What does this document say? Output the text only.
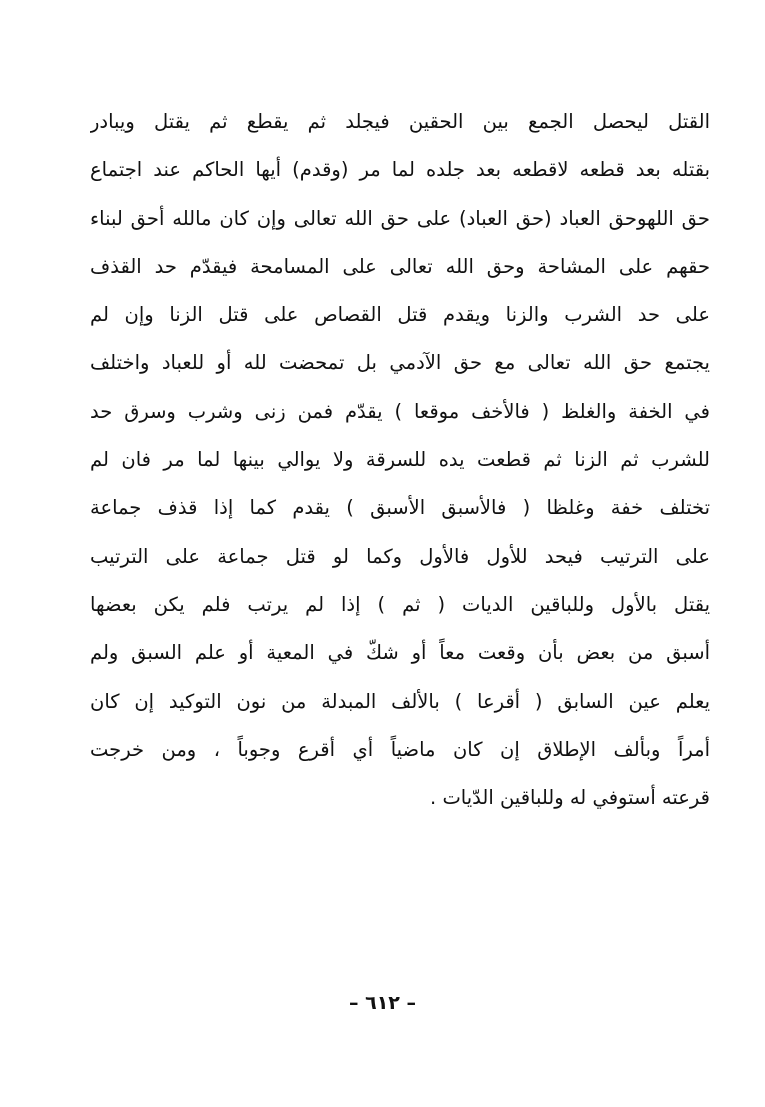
القتل ليحصل الجمع بين الحقين فيجلد ثم يقطع ثم يقتل ويبادر
بقتله بعد قطعه لاقطعه بعد جلده لما مر (وقدم) أيها الحاكم عند اجتماع
حق اللهوحق العباد (حق العباد) على حق الله تعالى وإن كان مالله أحق لبناء
حقهم على المشاحة وحق الله تعالى على المسامحة فيقدّم حد القذف
على حد الشرب والزنا ويقدم قتل القصاص على قتل الزنا وإن لم
يجتمع حق الله تعالى مع حق الآدمي بل تمحضت لله أو للعباد واختلف
في الخفة والغلظ ( فالأخف موقعا ) يقدّم فمن زنى وشرب وسرق حد
للشرب ثم الزنا ثم قطعت يده للسرقة ولا يوالي بينها لما مر فان لم
تختلف خفة وغلظا ( فالأسبق الأسبق ) يقدم كما إذا قذف جماعة
على الترتيب فيحد للأول فالأول وكما لو قتل جماعة على الترتيب
يقتل بالأول وللباقين الديات ( ثم ) إذا لم يرتب فلم يكن بعضها
أسبق من بعض بأن وقعت معاً أو شكّ في المعية أو علم السبق ولم
يعلم عين السابق ( أقرعا ) بالألف المبدلة من نون التوكيد إن كان
أمراً وبألف الإطلاق إن كان ماضياً أي أقرع وجوباً ، ومن خرجت
قرعته أستوفي له وللباقين الدّيات .
– ٦١٢ –
